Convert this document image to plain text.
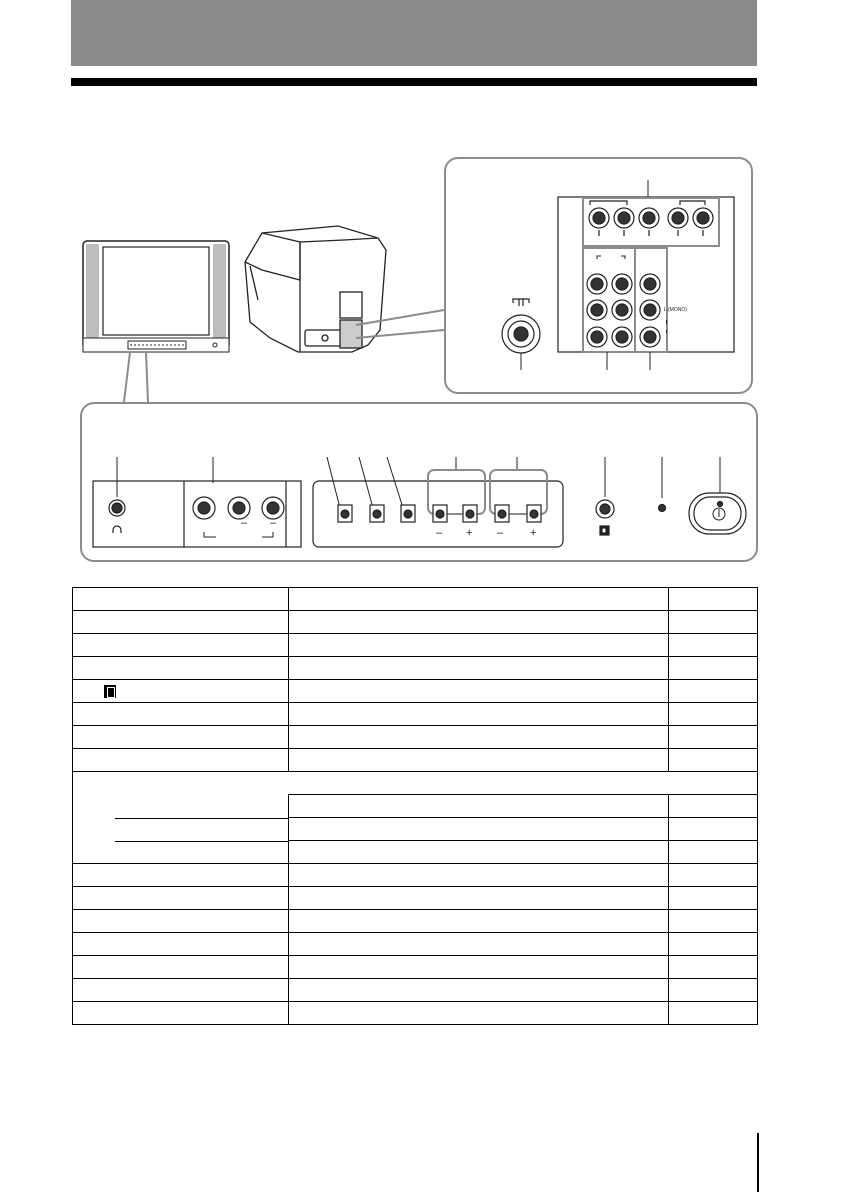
L (MONO)
– –
– + – +
